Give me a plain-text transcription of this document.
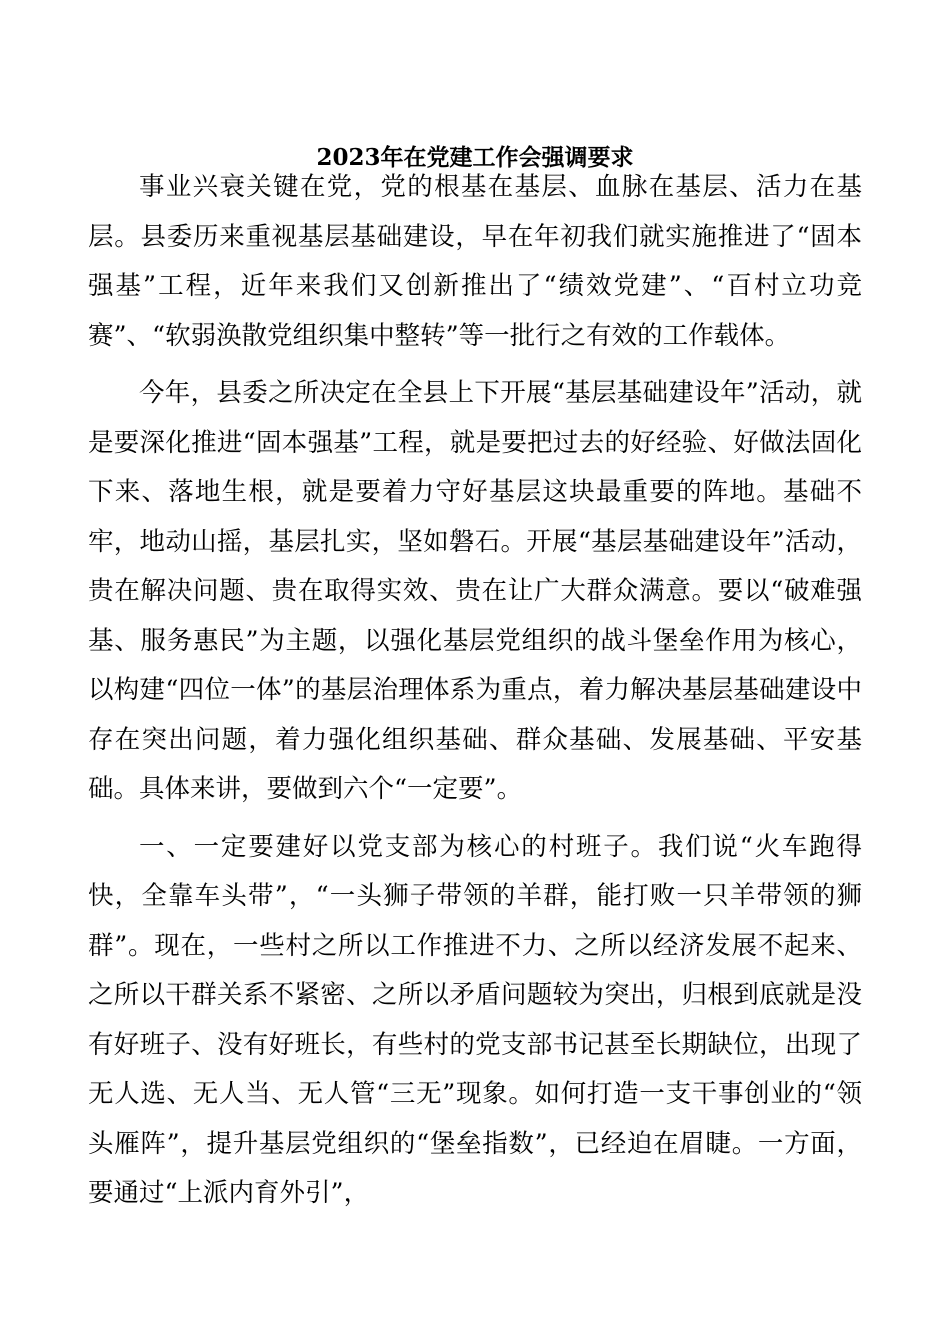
2023年在党建工作会强调要求

事业兴衰关键在党，党的根基在基层、血脉在基层、活力在基层。县委历来重视基层基础建设，早在年初我们就实施推进了“固本强基”工程，近年来我们又创新推出了“绩效党建”、“百村立功竞赛”、“软弱涣散党组织集中整转”等一批行之有效的工作载体。

今年，县委之所决定在全县上下开展“基层基础建设年”活动，就是要深化推进“固本强基”工程，就是要把过去的好经验、好做法固化下来、落地生根，就是要着力守好基层这块最重要的阵地。基础不牢，地动山摇，基层扎实，坚如磐石。开展“基层基础建设年”活动，贵在解决问题、贵在取得实效、贵在让广大群众满意。要以“破难强基、服务惠民”为主题，以强化基层党组织的战斗堡垒作用为核心，以构建“四位一体”的基层治理体系为重点，着力解决基层基础建设中存在突出问题，着力强化组织基础、群众基础、发展基础、平安基础。具体来讲，要做到六个“一定要”。

一、一定要建好以党支部为核心的村班子。我们说“火车跑得快，全靠车头带”，“一头狮子带领的羊群，能打败一只羊带领的狮群”。现在，一些村之所以工作推进不力、之所以经济发展不起来、之所以干群关系不紧密、之所以矛盾问题较为突出，归根到底就是没有好班子、没有好班长，有些村的党支部书记甚至长期缺位，出现了无人选、无人当、无人管“三无”现象。如何打造一支干事创业的“领头雁阵”，提升基层党组织的“堡垒指数”，已经迫在眉睫。一方面，要通过“上派内育外引”，
